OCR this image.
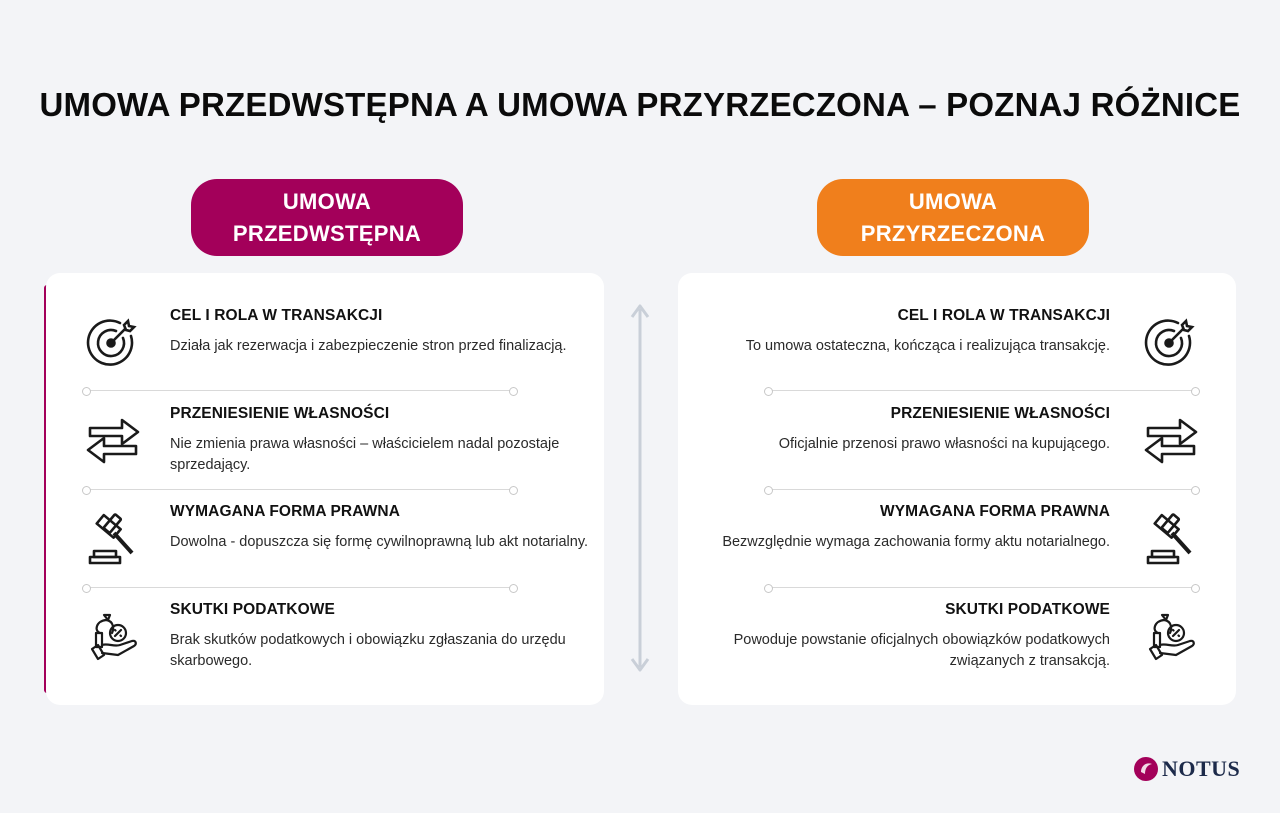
UMOWA PRZEDWSTĘPNA A UMOWA PRZYRZECZONA – POZNAJ RÓŻNICE
UMOWA
PRZEDWSTĘPNA
UMOWA
PRZYRZECZONA
CEL I ROLA W TRANSAKCJI
Działa jak rezerwacja i zabezpieczenie stron przed finalizacją.
PRZENIESIENIE WŁASNOŚCI
Nie zmienia prawa własności – właścicielem nadal pozostaje sprzedający.
WYMAGANA FORMA PRAWNA
Dowolna - dopuszcza się formę cywilnoprawną lub akt notarialny.
SKUTKI PODATKOWE
Brak skutków podatkowych i obowiązku zgłaszania do urzędu skarbowego.
CEL I ROLA W TRANSAKCJI
To umowa ostateczna, kończąca i realizująca transakcję.
PRZENIESIENIE WŁASNOŚCI
Oficjalnie przenosi prawo własności na kupującego.
WYMAGANA FORMA PRAWNA
Bezwzględnie wymaga zachowania formy aktu notarialnego.
SKUTKI PODATKOWE
Powoduje powstanie oficjalnych obowiązków podatkowych związanych z transakcją.
NOTUS
